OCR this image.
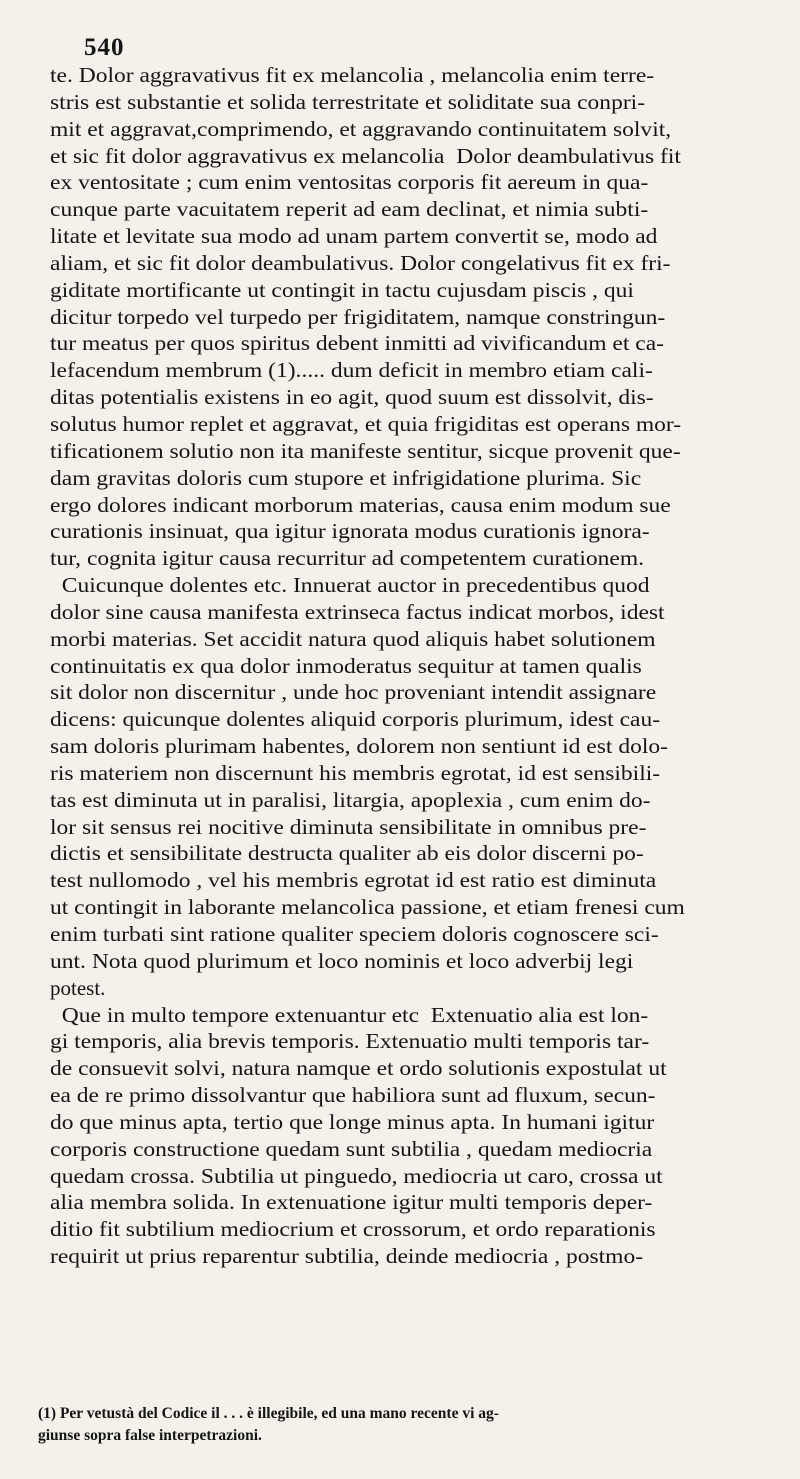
540
te. Dolor aggravativus fit ex melancolia , melancolia enim terre-
stris est substantie et solida terrestritate et soliditate sua conpri-
mit et aggravat,comprimendo, et aggravando continuitatem solvit,
et sic fit dolor aggravativus ex melancolia  Dolor deambulativus fit
ex ventositate ; cum enim ventositas corporis fit aereum in qua-
cunque parte vacuitatem reperit ad eam declinat, et nimia subti-
litate et levitate sua modo ad unam partem convertit se, modo ad
aliam, et sic fit dolor deambulativus. Dolor congelativus fit ex fri-
giditate mortificante ut contingit in tactu cujusdam piscis , qui
dicitur torpedo vel turpedo per frigiditatem, namque constringun-
tur meatus per quos spiritus debent inmitti ad vivificandum et ca-
lefacendum membrum (1)..... dum deficit in membro etiam cali-
ditas potentialis existens in eo agit, quod suum est dissolvit, dis-
solutus humor replet et aggravat, et quia frigiditas est operans mor-
tificationem solutio non ita manifeste sentitur, sicque provenit que-
dam gravitas doloris cum stupore et infrigidatione plurima. Sic
ergo dolores indicant morborum materias, causa enim modum sue
curationis insinuat, qua igitur ignorata modus curationis ignora-
tur, cognita igitur causa recurritur ad competentem curationem.
Cuicunque dolentes etc. Innuerat auctor in precedentibus quod
dolor sine causa manifesta extrinseca factus indicat morbos, idest
morbi materias. Set accidit natura quod aliquis habet solutionem
continuitatis ex qua dolor inmoderatus sequitur at tamen qualis
sit dolor non discernitur , unde hoc proveniant intendit assignare
dicens: quicunque dolentes aliquid corporis plurimum, idest cau-
sam doloris plurimam habentes, dolorem non sentiunt id est dolo-
ris materiem non discernunt his membris egrotat, id est sensibili-
tas est diminuta ut in paralisi, litargia, apoplexia , cum enim do-
lor sit sensus rei nocitive diminuta sensibilitate in omnibus pre-
dictis et sensibilitate destructa qualiter ab eis dolor discerni po-
test nullomodo , vel his membris egrotat id est ratio est diminuta
ut contingit in laborante melancolica passione, et etiam frenesi cum
enim turbati sint ratione qualiter speciem doloris cognoscere sci-
unt. Nota quod plurimum et loco nominis et loco adverbij legi
potest.
Que in multo tempore extenuantur etc  Extenuatio alia est lon-
gi temporis, alia brevis temporis. Extenuatio multi temporis tar-
de consuevit solvi, natura namque et ordo solutionis expostulat ut
ea de re primo dissolvantur que habiliora sunt ad fluxum, secun-
do que minus apta, tertio que longe minus apta. In humani igitur
corporis constructione quedam sunt subtilia , quedam mediocria
quedam crossa. Subtilia ut pinguedo, mediocria ut caro, crossa ut
alia membra solida. In extenuatione igitur multi temporis deper-
ditio fit subtilium mediocrium et crossorum, et ordo reparationis
requirit ut prius reparentur subtilia, deinde mediocria , postmo-
(1) Per vetustà del Codice il . . . è illegibile, ed una mano recente vi ag-
giunse sopra false interpetrazioni.
